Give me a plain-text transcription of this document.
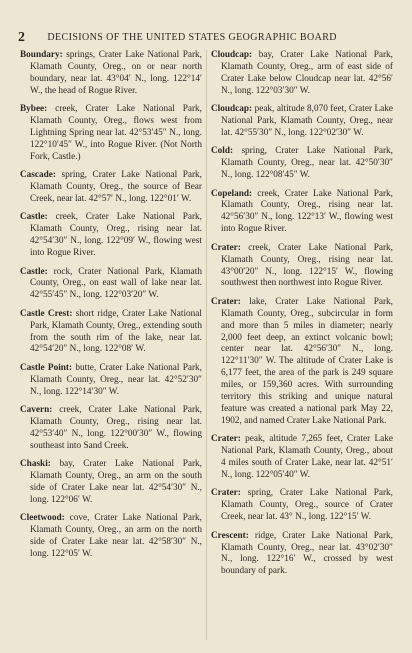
2 DECISIONS OF THE UNITED STATES GEOGRAPHIC BOARD

Boundary: springs, Crater Lake National Park, Klamath County, Oreg., on or near north boundary, near lat. 43°04′ N., long. 122°14′ W., the head of Rogue River.

Bybee: creek, Crater Lake National Park, Klamath County, Oreg., flows west from Lightning Spring near lat. 42°53′45″ N., long. 122°10′45″ W., into Rogue River. (Not North Fork, Castle.)

Cascade: spring, Crater Lake National Park, Klamath County, Oreg., the source of Bear Creek, near lat. 42°57′ N., long. 122°01′ W.

Castle: creek, Crater Lake National Park, Klamath County, Oreg., rising near lat. 42°54′30″ N., long. 122°09′ W., flowing west into Rogue River.

Castle: rock, Crater National Park, Klamath County, Oreg., on east wall of lake near lat. 42°55′45″ N., long. 122°03′20″ W.

Castle Crest: short ridge, Crater Lake National Park, Klamath County, Oreg., extending south from the south rim of the lake, near lat. 42°54′20″ N., long. 122°08′ W.

Castle Point: butte, Crater Lake National Park, Klamath County, Oreg., near lat. 42°52′30″ N., long. 122°14′30″ W.

Cavern: creek, Crater Lake National Park, Klamath County, Oreg., rising near lat. 42°53′40″ N., long. 122°00′30″ W., flowing southeast into Sand Creek.

Chaski: bay, Crater Lake National Park, Klamath County, Oreg., an arm on the south side of Crater Lake near lat. 42°54′30″ N., long. 122°06′ W.

Cleetwood: cove, Crater Lake National Park, Klamath County, Oreg., an arm on the north side of Crater Lake near lat. 42°58′30″ N., long. 122°05′ W.

Cloudcap: bay, Crater Lake National Park, Klamath County, Oreg., arm of east side of Crater Lake below Cloudcap near lat. 42°56′ N., long. 122°03′30″ W.

Cloudcap: peak, altitude 8,070 feet, Crater Lake National Park, Klamath County, Oreg., near lat. 42°55′30″ N., long. 122°02′30″ W.

Cold: spring, Crater Lake National Park, Klamath County, Oreg., near lat. 42°50′30″ N., long. 122°08′45″ W.

Copeland: creek, Crater Lake National Park, Klamath County, Oreg., rising near lat. 42°56′30″ N., long. 122°13′ W., flowing west into Rogue River.

Crater: creek, Crater Lake National Park, Klamath County, Oreg., rising near lat. 43°00′20″ N., long. 122°15′ W., flowing southwest then northwest into Rogue River.

Crater: lake, Crater Lake National Park, Klamath County, Oreg., subcircular in form and more than 5 miles in diameter; nearly 2,000 feet deep, an extinct volcanic bowl; center near lat. 42°56′30″ N., long. 122°11′30″ W. The altitude of Crater Lake is 6,177 feet, the area of the park is 249 square miles, or 159,360 acres. With surrounding territory this striking and unique natural feature was created a national park May 22, 1902, and named Crater Lake National Park.

Crater: peak, altitude 7,265 feet, Crater Lake National Park, Klamath County, Oreg., about 4 miles south of Crater Lake, near lat. 42°51′ N., long. 122°05′40″ W.

Crater: spring, Crater Lake National Park, Klamath County, Oreg., source of Crater Creek, near lat. 43° N., long. 122°15′ W.

Crescent: ridge, Crater Lake National Park, Klamath County, Oreg., near lat. 43°02′30″ N., long. 122°16′ W., crossed by west boundary of park.
